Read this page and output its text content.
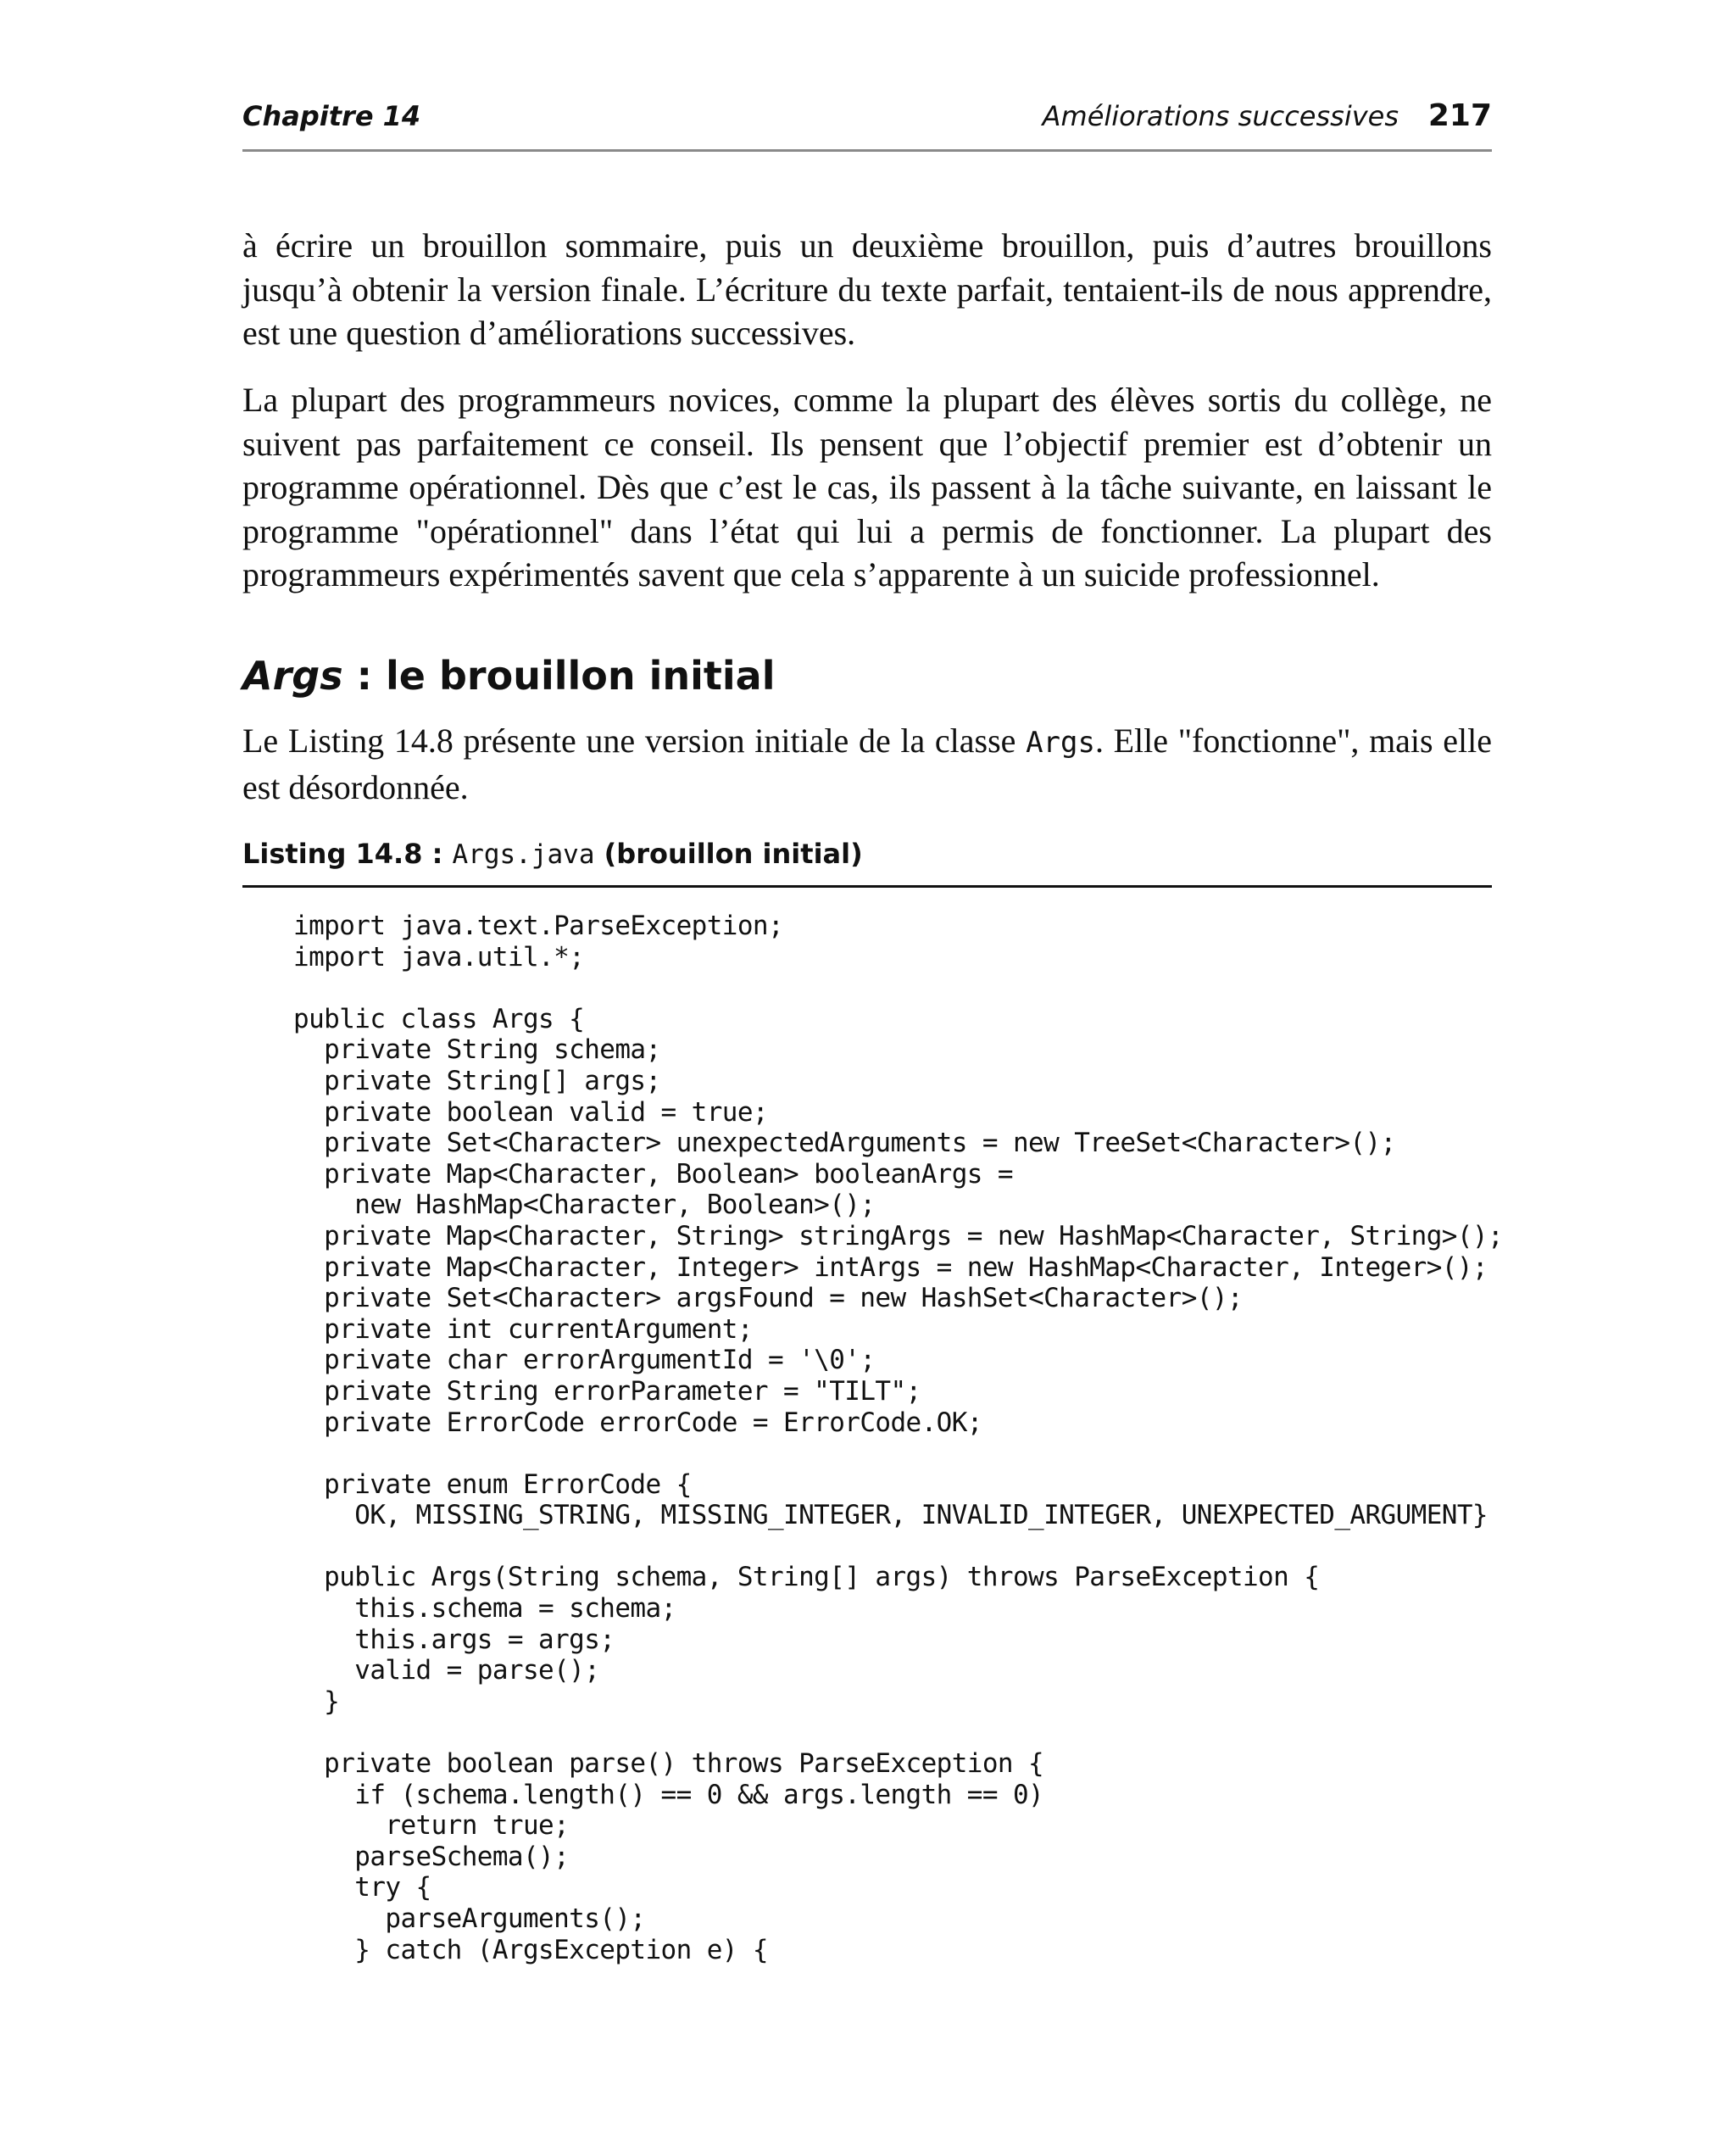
Chapitre 14	Améliorations successives 217

à écrire un brouillon sommaire, puis un deuxième brouillon, puis d’autres brouillons jusqu’à obtenir la version finale. L’écriture du texte parfait, tentaient-ils de nous apprendre, est une question d’améliorations successives.

La plupart des programmeurs novices, comme la plupart des élèves sortis du collège, ne suivent pas parfaitement ce conseil. Ils pensent que l’objectif premier est d’obtenir un programme opérationnel. Dès que c’est le cas, ils passent à la tâche suivante, en laissant le programme "opérationnel" dans l’état qui lui a permis de fonctionner. La plupart des programmeurs expérimentés savent que cela s’apparente à un suicide professionnel.

Args : le brouillon initial

Le Listing 14.8 présente une version initiale de la classe Args. Elle "fonctionne", mais elle est désordonnée.

Listing 14.8 : Args.java (brouillon initial)
import java.text.ParseException;
import java.util.*;

public class Args {
private String schema;
private String[] args;
private boolean valid = true;
private Set<Character> unexpectedArguments = new TreeSet<Character>();
private Map<Character, Boolean> booleanArgs =
new HashMap<Character, Boolean>();
private Map<Character, String> stringArgs = new HashMap<Character, String>();
private Map<Character, Integer> intArgs = new HashMap<Character, Integer>();
private Set<Character> argsFound = new HashSet<Character>();
private int currentArgument;
private char errorArgumentId = '\0';
private String errorParameter = "TILT";
private ErrorCode errorCode = ErrorCode.OK;

private enum ErrorCode {
OK, MISSING_STRING, MISSING_INTEGER, INVALID_INTEGER, UNEXPECTED_ARGUMENT}

public Args(String schema, String[] args) throws ParseException {
this.schema = schema;
this.args = args;
valid = parse();
}

private boolean parse() throws ParseException {
if (schema.length() == 0 && args.length == 0)
return true;
parseSchema();
try {
parseArguments();
} catch (ArgsException e) {
